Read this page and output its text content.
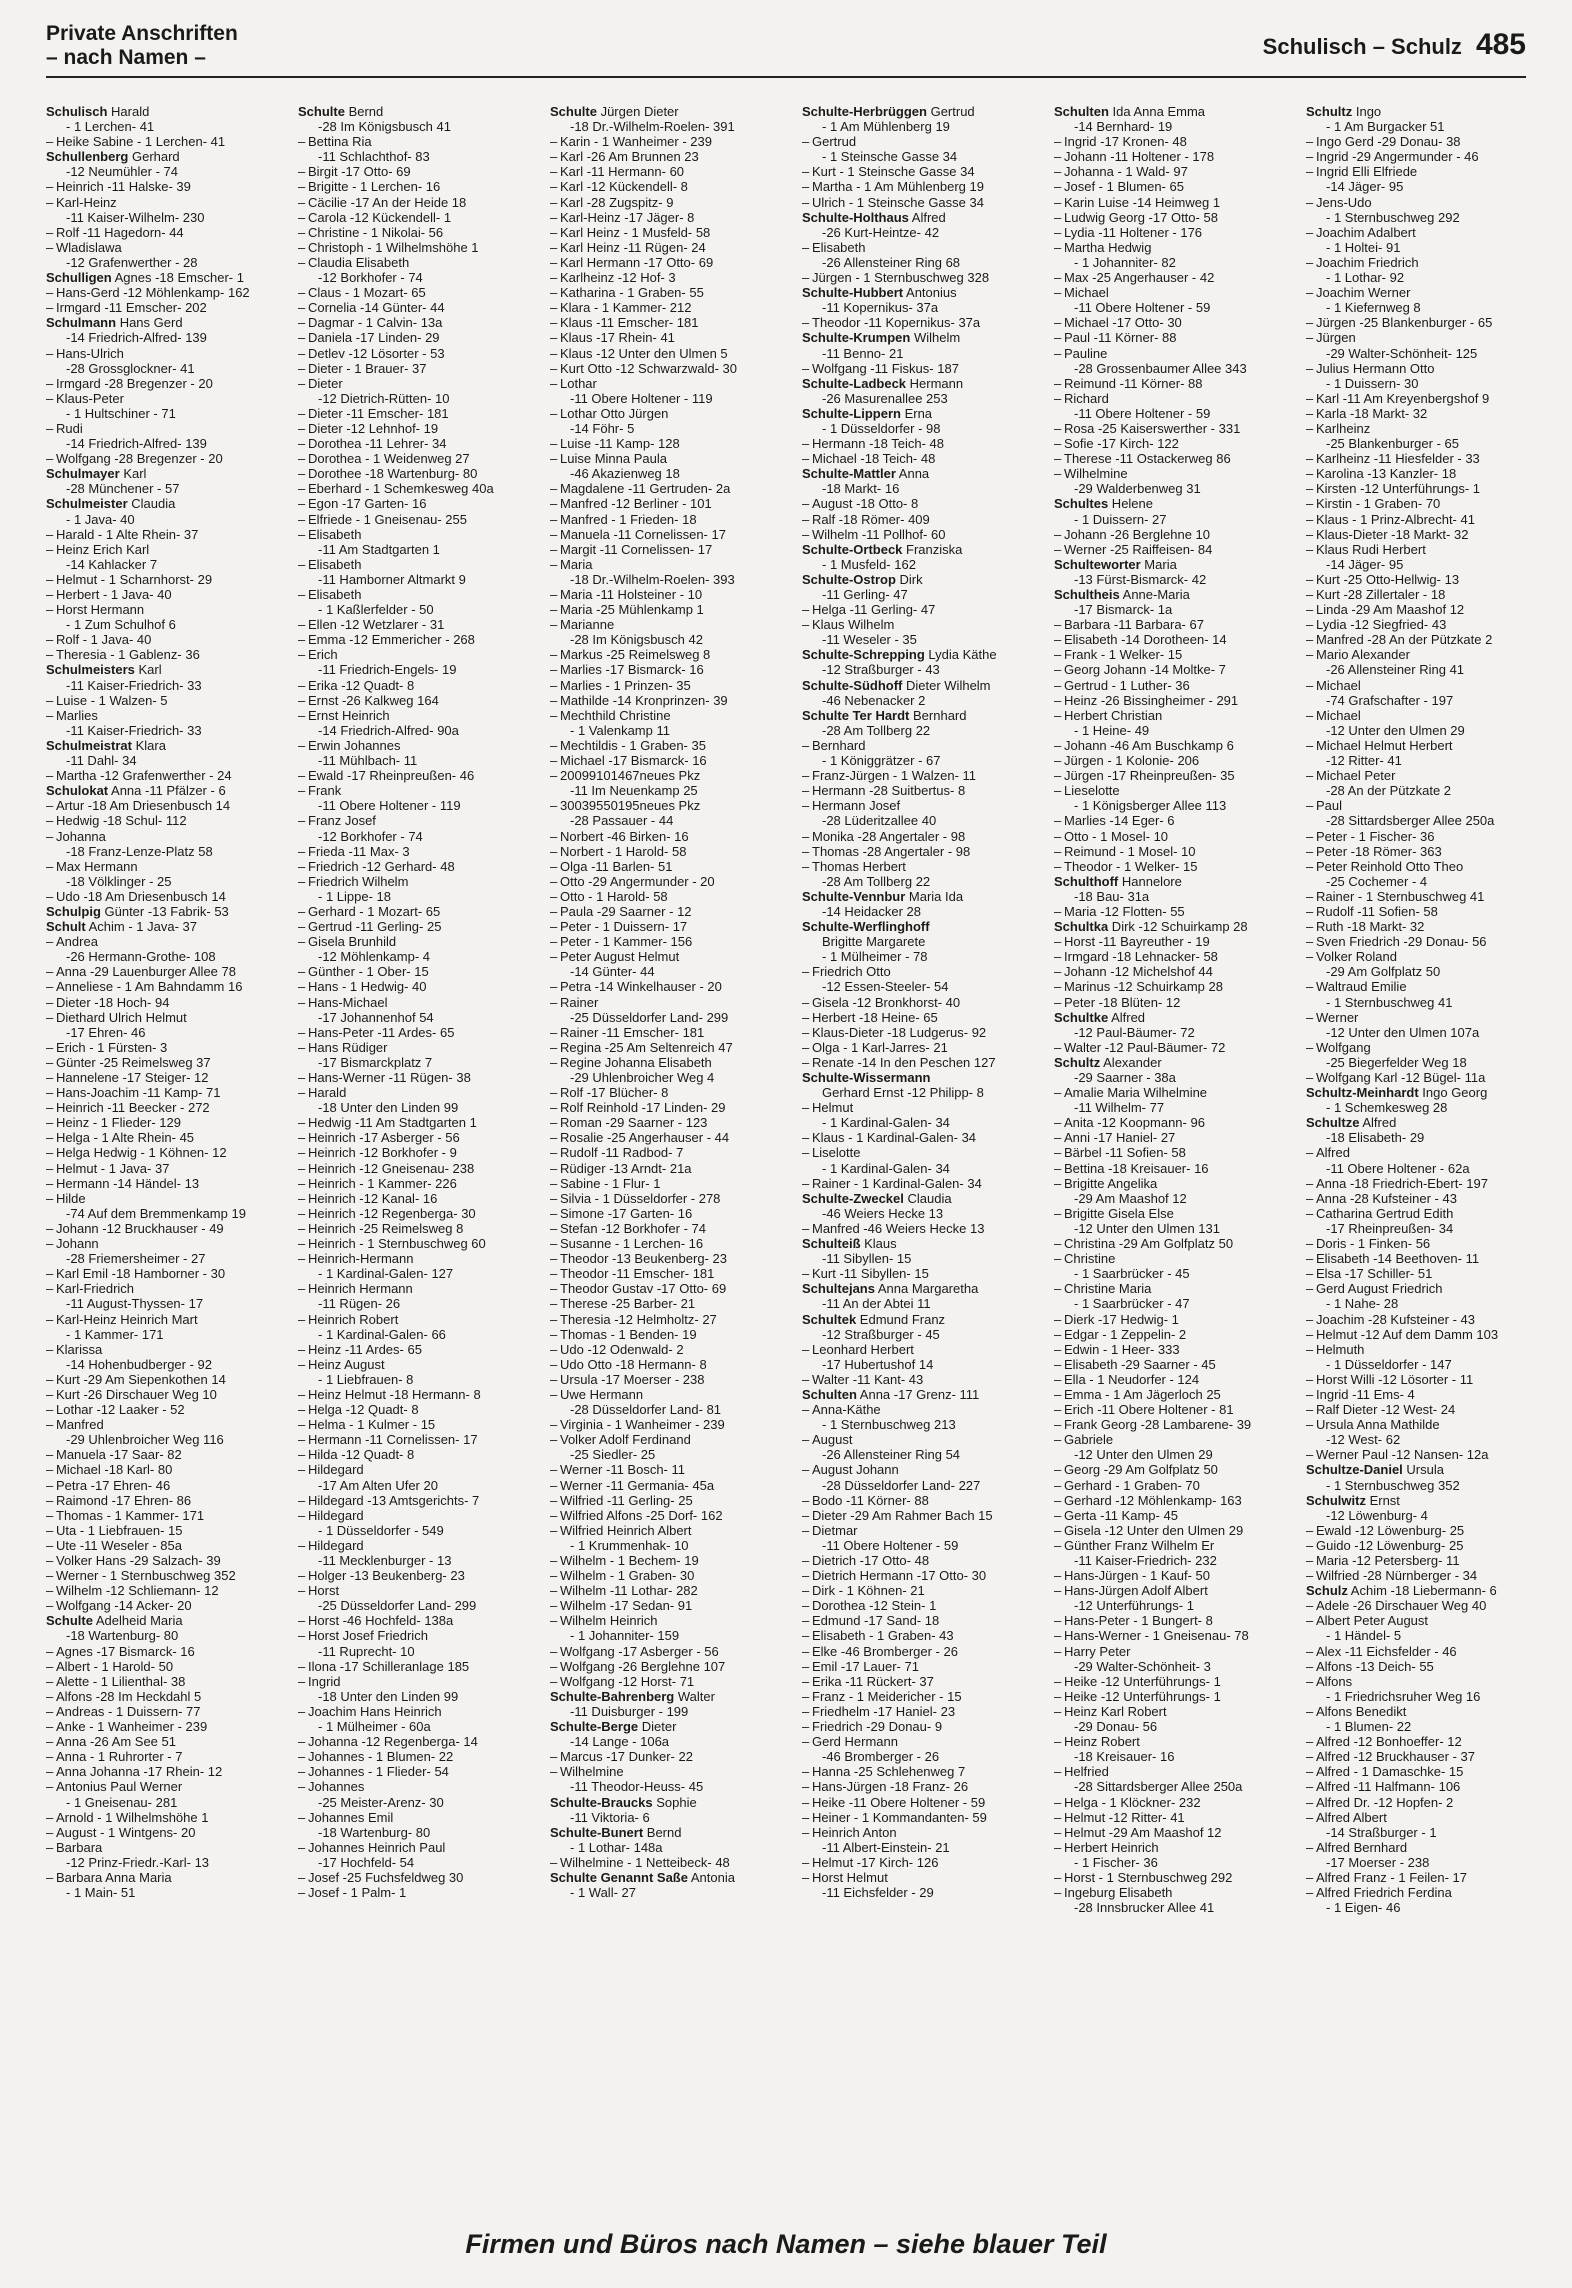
Private Anschriften
– nach Namen –	Schulisch – Schulz 485
Schulisch Harald
- 1 Lerchen- 41
– Heike Sabine - 1 Lerchen- 41
Schullenberg Gerhard
-12 Neumühler - 74
– Heinrich -11 Halske- 39
– Karl-Heinz
-11 Kaiser-Wilhelm- 230
– Rolf -11 Hagedorn- 44
– Wladislawa
-12 Grafenwerther - 28
Schulligen Agnes -18 Emscher- 1
– Hans-Gerd -12 Möhlenkamp- 162
– Irmgard -11 Emscher- 202
Schulmann Hans Gerd
-14 Friedrich-Alfred- 139
– Hans-Ulrich
-28 Grossglockner- 41
– Irmgard -28 Bregenzer - 20
– Klaus-Peter
- 1 Hultschiner - 71
– Rudi
-14 Friedrich-Alfred- 139
– Wolfgang -28 Bregenzer - 20
Schulmayer Karl
-28 Münchener - 57
Schulmeister Claudia
- 1 Java- 40
– Harald - 1 Alte Rhein- 37
– Heinz Erich Karl
-14 Kahlacker 7
– Helmut - 1 Scharnhorst- 29
– Herbert - 1 Java- 40
– Horst Hermann
- 1 Zum Schulhof 6
– Rolf - 1 Java- 40
– Theresia - 1 Gablenz- 36
Schulmeisters Karl
-11 Kaiser-Friedrich- 33
– Luise - 1 Walzen- 5
– Marlies
-11 Kaiser-Friedrich- 33
Schulmeistrat Klara
-11 Dahl- 34
– Martha -12 Grafenwerther - 24
Schulokat Anna -11 Pfälzer - 6
– Artur -18 Am Driesenbusch 14
– Hedwig -18 Schul- 112
– Johanna
-18 Franz-Lenze-Platz 58
– Max Hermann
-18 Völklinger - 25
– Udo -18 Am Driesenbusch 14
Schulpig Günter -13 Fabrik- 53
Schult Achim - 1 Java- 37
– Andrea
-26 Hermann-Grothe- 108
– Anna -29 Lauenburger Allee 78
– Anneliese - 1 Am Bahndamm 16
– Dieter -18 Hoch- 94
– Diethard Ulrich Helmut
-17 Ehren- 46
– Erich - 1 Fürsten- 3
– Günter -25 Reimelsweg 37
– Hannelene -17 Steiger- 12
– Hans-Joachim -11 Kamp- 71
– Heinrich -11 Beecker - 272
– Heinz - 1 Flieder- 129
– Helga - 1 Alte Rhein- 45
– Helga Hedwig - 1 Köhnen- 12
– Helmut - 1 Java- 37
– Hermann -14 Händel- 13
– Hilde
-74 Auf dem Bremmenkamp 19
– Johann -12 Bruckhauser - 49
– Johann
-28 Friemersheimer - 27
– Karl Emil -18 Hamborner - 30
– Karl-Friedrich
-11 August-Thyssen- 17
– Karl-Heinz Heinrich Mart
- 1 Kammer- 171
– Klarissa
-14 Hohenbudberger - 92
– Kurt -29 Am Siepenkothen 14
– Kurt -26 Dirschauer Weg 10
– Lothar -12 Laaker - 52
– Manfred
-29 Uhlenbroicher Weg 116
– Manuela -17 Saar- 82
– Michael -18 Karl- 80
– Petra -17 Ehren- 46
– Raimond -17 Ehren- 86
– Thomas - 1 Kammer- 171
– Uta - 1 Liebfrauen- 15
– Ute -11 Weseler - 85a
– Volker Hans -29 Salzach- 39
– Werner - 1 Sternbuschweg 352
– Wilhelm -12 Schliemann- 12
– Wolfgang -14 Acker- 20
Schulte Adelheid Maria
-18 Wartenburg- 80
– Agnes -17 Bismarck- 16
– Albert - 1 Harold- 50
– Alette - 1 Lilienthal- 38
– Alfons -28 Im Heckdahl 5
– Andreas - 1 Duissern- 77
– Anke - 1 Wanheimer - 239
– Anna -26 Am See 51
– Anna - 1 Ruhrorter - 7
– Anna Johanna -17 Rhein- 12
– Antonius Paul Werner
- 1 Gneisenau- 281
– Arnold - 1 Wilhelmshöhe 1
– August - 1 Wintgens- 20
– Barbara
-12 Prinz-Friedr.-Karl- 13
– Barbara Anna Maria
- 1 Main- 51
Schulte Bernd
-28 Im Königsbusch 41
– Bettina Ria
-11 Schlachthof- 83
– Birgit -17 Otto- 69
– Brigitte - 1 Lerchen- 16
– Cäcilie -17 An der Heide 18
– Carola -12 Kückendell- 1
– Christine - 1 Nikolai- 56
– Christoph - 1 Wilhelmshöhe 1
– Claudia Elisabeth
-12 Borkhofer - 74
– Claus - 1 Mozart- 65
– Cornelia -14 Günter- 44
– Dagmar - 1 Calvin- 13a
– Daniela -17 Linden- 29
– Detlev -12 Lösorter - 53
– Dieter - 1 Brauer- 37
– Dieter
-12 Dietrich-Rütten- 10
– Dieter -11 Emscher- 181
– Dieter -12 Lehnhof- 19
– Dorothea -11 Lehrer- 34
– Dorothea - 1 Weidenweg 27
– Dorothee -18 Wartenburg- 80
– Eberhard - 1 Schemkesweg 40a
– Egon -17 Garten- 16
– Elfriede - 1 Gneisenau- 255
– Elisabeth
-11 Am Stadtgarten 1
– Elisabeth
-11 Hamborner Altmarkt 9
– Elisabeth
- 1 Kaßlerfelder - 50
– Ellen -12 Wetzlarer - 31
– Emma -12 Emmericher - 268
– Erich
-11 Friedrich-Engels- 19
– Erika -12 Quadt- 8
– Ernst -26 Kalkweg 164
– Ernst Heinrich
-14 Friedrich-Alfred- 90a
– Erwin Johannes
-11 Mühlbach- 11
– Ewald -17 Rheinpreußen- 46
– Frank
-11 Obere Holtener - 119
– Franz Josef
-12 Borkhofer - 74
– Frieda -11 Max- 3
– Friedrich -12 Gerhard- 48
– Friedrich Wilhelm
- 1 Lippe- 18
– Gerhard - 1 Mozart- 65
– Gertrud -11 Gerling- 25
– Gisela Brunhild
-12 Möhlenkamp- 4
– Günther - 1 Ober- 15
– Hans - 1 Hedwig- 40
– Hans-Michael
-17 Johannenhof 54
– Hans-Peter -11 Ardes- 65
– Hans Rüdiger
-17 Bismarckplatz 7
– Hans-Werner -11 Rügen- 38
– Harald
-18 Unter den Linden 99
– Hedwig -11 Am Stadtgarten 1
– Heinrich -17 Asberger - 56
– Heinrich -12 Borkhofer - 9
– Heinrich -12 Gneisenau- 238
– Heinrich - 1 Kammer- 226
– Heinrich -12 Kanal- 16
– Heinrich -12 Regenberga- 30
– Heinrich -25 Reimelsweg 8
– Heinrich - 1 Sternbuschweg 60
– Heinrich-Hermann
- 1 Kardinal-Galen- 127
– Heinrich Hermann
-11 Rügen- 26
– Heinrich Robert
- 1 Kardinal-Galen- 66
– Heinz -11 Ardes- 65
– Heinz August
- 1 Liebfrauen- 8
– Heinz Helmut -18 Hermann- 8
– Helga -12 Quadt- 8
– Helma - 1 Kulmer - 15
– Hermann -11 Cornelissen- 17
– Hilda -12 Quadt- 8
– Hildegard
-17 Am Alten Ufer 20
– Hildegard -13 Amtsgerichts- 7
– Hildegard
- 1 Düsseldorfer - 549
– Hildegard
-11 Mecklenburger - 13
– Holger -13 Beukenberg- 23
– Horst
-25 Düsseldorfer Land- 299
– Horst -46 Hochfeld- 138a
– Horst Josef Friedrich
-11 Ruprecht- 10
– Ilona -17 Schilleranlage 185
– Ingrid
-18 Unter den Linden 99
– Joachim Hans Heinrich
- 1 Mülheimer - 60a
– Johanna -12 Regenberga- 14
– Johannes - 1 Blumen- 22
– Johannes - 1 Flieder- 54
– Johannes
-25 Meister-Arenz- 30
– Johannes Emil
-18 Wartenburg- 80
– Johannes Heinrich Paul
-17 Hochfeld- 54
– Josef -25 Fuchsfeldweg 30
– Josef - 1 Palm- 1
Schulte Jürgen Dieter
-18 Dr.-Wilhelm-Roelen- 391
– Karin - 1 Wanheimer - 239
– Karl -26 Am Brunnen 23
– Karl -11 Hermann- 60
– Karl -12 Kückendell- 8
– Karl -28 Zugspitz- 9
– Karl-Heinz -17 Jäger- 8
– Karl Heinz - 1 Musfeld- 58
– Karl Heinz -11 Rügen- 24
– Karl Hermann -17 Otto- 69
– Karlheinz -12 Hof- 3
– Katharina - 1 Graben- 55
– Klara - 1 Kammer- 212
– Klaus -11 Emscher- 181
– Klaus -17 Rhein- 41
– Klaus -12 Unter den Ulmen 5
– Kurt Otto -12 Schwarzwald- 30
– Lothar
-11 Obere Holtener - 119
– Lothar Otto Jürgen
-14 Föhr- 5
– Luise -11 Kamp- 128
– Luise Minna Paula
-46 Akazienweg 18
– Magdalene -11 Gertruden- 2a
– Manfred -12 Berliner - 101
– Manfred - 1 Frieden- 18
– Manuela -11 Cornelissen- 17
– Margit -11 Cornelissen- 17
– Maria
-18 Dr.-Wilhelm-Roelen- 393
– Maria -11 Holsteiner - 10
– Maria -25 Mühlenkamp 1
– Marianne
-28 Im Königsbusch 42
– Markus -25 Reimelsweg 8
– Marlies -17 Bismarck- 16
– Marlies - 1 Prinzen- 35
– Mathilde -14 Kronprinzen- 39
– Mechthild Christine
- 1 Valenkamp 11
– Mechtildis - 1 Graben- 35
– Michael -17 Bismarck- 16
– 20099101467neues Pkz
-11 Im Neuenkamp 25
– 30039550195neues Pkz
-28 Passauer - 44
– Norbert -46 Birken- 16
– Norbert - 1 Harold- 58
– Olga -11 Barlen- 51
– Otto -29 Angermunder - 20
– Otto - 1 Harold- 58
– Paula -29 Saarner - 12
– Peter - 1 Duissern- 17
– Peter - 1 Kammer- 156
– Peter August Helmut
-14 Günter- 44
– Petra -14 Winkelhauser - 20
– Rainer
-25 Düsseldorfer Land- 299
– Rainer -11 Emscher- 181
– Regina -25 Am Seltenreich 47
– Regine Johanna Elisabeth
-29 Uhlenbroicher Weg 4
– Rolf -17 Blücher- 8
– Rolf Reinhold -17 Linden- 29
– Roman -29 Saarner - 123
– Rosalie -25 Angerhauser - 44
– Rudolf -11 Radbod- 7
– Rüdiger -13 Arndt- 21a
– Sabine - 1 Flur- 1
– Silvia - 1 Düsseldorfer - 278
– Simone -17 Garten- 16
– Stefan -12 Borkhofer - 74
– Susanne - 1 Lerchen- 16
– Theodor -13 Beukenberg- 23
– Theodor -11 Emscher- 181
– Theodor Gustav -17 Otto- 69
– Therese -25 Barber- 21
– Theresia -12 Helmholtz- 27
– Thomas - 1 Benden- 19
– Udo -12 Odenwald- 2
– Udo Otto -18 Hermann- 8
– Ursula -17 Moerser - 238
– Uwe Hermann
-28 Düsseldorfer Land- 81
– Virginia - 1 Wanheimer - 239
– Volker Adolf Ferdinand
-25 Siedler- 25
– Werner -11 Bosch- 11
– Werner -11 Germania- 45a
– Wilfried -11 Gerling- 25
– Wilfried Alfons -25 Dorf- 162
– Wilfried Heinrich Albert
- 1 Krummenhak- 10
– Wilhelm - 1 Bechem- 19
– Wilhelm - 1 Graben- 30
– Wilhelm -11 Lothar- 282
– Wilhelm -17 Sedan- 91
– Wilhelm Heinrich
- 1 Johanniter- 159
– Wolfgang -17 Asberger - 56
– Wolfgang -26 Berglehne 107
– Wolfgang -12 Horst- 71
Schulte-Bahrenberg Walter
-11 Duisburger - 199
Schulte-Berge Dieter
-14 Lange - 106a
– Marcus -17 Dunker- 22
– Wilhelmine
-11 Theodor-Heuss- 45
Schulte-Braucks Sophie
-11 Viktoria- 6
Schulte-Bunert Bernd
- 1 Lothar- 148a
– Wilhelmine - 1 Netteibeck- 48
Schulte Genannt Saße Antonia
- 1 Wall- 27
Schulte-Herbrüggen Gertrud
- 1 Am Mühlenberg 19
– Gertrud
- 1 Steinsche Gasse 34
– Kurt - 1 Steinsche Gasse 34
– Martha - 1 Am Mühlenberg 19
– Ulrich - 1 Steinsche Gasse 34
Schulte-Holthaus Alfred
-26 Kurt-Heintze- 42
– Elisabeth
-26 Allensteiner Ring 68
– Jürgen - 1 Sternbuschweg 328
Schulte-Hubbert Antonius
-11 Kopernikus- 37a
– Theodor -11 Kopernikus- 37a
Schulte-Krumpen Wilhelm
-11 Benno- 21
– Wolfgang -11 Fiskus- 187
Schulte-Ladbeck Hermann
-26 Masurenallee 253
Schulte-Lippern Erna
- 1 Düsseldorfer - 98
– Hermann -18 Teich- 48
– Michael -18 Teich- 48
Schulte-Mattler Anna
-18 Markt- 16
– August -18 Otto- 8
– Ralf -18 Römer- 409
– Wilhelm -11 Pollhof- 60
Schulte-Ortbeck Franziska
- 1 Musfeld- 162
Schulte-Ostrop Dirk
-11 Gerling- 47
– Helga -11 Gerling- 47
– Klaus Wilhelm
-11 Weseler - 35
Schulte-Schrepping Lydia Käthe
-12 Straßburger - 43
Schulte-Südhoff Dieter Wilhelm
-46 Nebenacker 2
Schulte Ter Hardt Bernhard
-28 Am Tollberg 22
– Bernhard
- 1 Königgrätzer - 67
– Franz-Jürgen - 1 Walzen- 11
– Hermann -28 Suitbertus- 8
– Hermann Josef
-28 Lüderitzallee 40
– Monika -28 Angertaler - 98
– Thomas -28 Angertaler - 98
– Thomas Herbert
-28 Am Tollberg 22
Schulte-Vennbur Maria Ida
-14 Heidacker 28
Schulte-Werflinghoff
Brigitte Margarete
- 1 Mülheimer - 78
– Friedrich Otto
-12 Essen-Steeler- 54
– Gisela -12 Bronkhorst- 40
– Herbert -18 Heine- 65
– Klaus-Dieter -18 Ludgerus- 92
– Olga - 1 Karl-Jarres- 21
– Renate -14 In den Peschen 127
Schulte-Wissermann
Gerhard Ernst -12 Philipp- 8
– Helmut
- 1 Kardinal-Galen- 34
– Klaus - 1 Kardinal-Galen- 34
– Liselotte
- 1 Kardinal-Galen- 34
– Rainer - 1 Kardinal-Galen- 34
Schulte-Zweckel Claudia
-46 Weiers Hecke 13
– Manfred -46 Weiers Hecke 13
Schulteiß Klaus
-11 Sibyllen- 15
– Kurt -11 Sibyllen- 15
Schultejans Anna Margaretha
-11 An der Abtei 11
Schultek Edmund Franz
-12 Straßburger - 45
– Leonhard Herbert
-17 Hubertushof 14
– Walter -11 Kant- 43
Schulten Anna -17 Grenz- 111
– Anna-Käthe
- 1 Sternbuschweg 213
– August
-26 Allensteiner Ring 54
– August Johann
-28 Düsseldorfer Land- 227
– Bodo -11 Körner- 88
– Dieter -29 Am Rahmer Bach 15
– Dietmar
-11 Obere Holtener - 59
– Dietrich -17 Otto- 48
– Dietrich Hermann -17 Otto- 30
– Dirk - 1 Köhnen- 21
– Dorothea -12 Stein- 1
– Edmund -17 Sand- 18
– Elisabeth - 1 Graben- 43
– Elke -46 Bromberger - 26
– Emil -17 Lauer- 71
– Erika -11 Rückert- 37
– Franz - 1 Meidericher - 15
– Friedhelm -17 Haniel- 23
– Friedrich -29 Donau- 9
– Gerd Hermann
-46 Bromberger - 26
– Hanna -25 Schlehenweg 7
– Hans-Jürgen -18 Franz- 26
– Heike -11 Obere Holtener - 59
– Heiner - 1 Kommandanten- 59
– Heinrich Anton
-11 Albert-Einstein- 21
– Helmut -17 Kirch- 126
– Horst Helmut
-11 Eichsfelder - 29
Schulten Ida Anna Emma
-14 Bernhard- 19
– Ingrid -17 Kronen- 48
– Johann -11 Holtener - 178
– Johanna - 1 Wald- 97
– Josef - 1 Blumen- 65
– Karin Luise -14 Heimweg 1
– Ludwig Georg -17 Otto- 58
– Lydia -11 Holtener - 176
– Martha Hedwig
- 1 Johanniter- 82
– Max -25 Angerhauser - 42
– Michael
-11 Obere Holtener - 59
– Michael -17 Otto- 30
– Paul -11 Körner- 88
– Pauline
-28 Grossenbaumer Allee 343
– Reimund -11 Körner- 88
– Richard
-11 Obere Holtener - 59
– Rosa -25 Kaiserswerther - 331
– Sofie -17 Kirch- 122
– Therese -11 Ostackerweg 86
– Wilhelmine
-29 Walderbenweg 31
Schultes Helene
- 1 Duissern- 27
– Johann -26 Berglehne 10
– Werner -25 Raiffeisen- 84
Schulteworter Maria
-13 Fürst-Bismarck- 42
Schultheis Anne-Maria
-17 Bismarck- 1a
– Barbara -11 Barbara- 67
– Elisabeth -14 Dorotheen- 14
– Frank - 1 Welker- 15
– Georg Johann -14 Moltke- 7
– Gertrud - 1 Luther- 36
– Heinz -26 Bissingheimer - 291
– Herbert Christian
- 1 Heine- 49
– Johann -46 Am Buschkamp 6
– Jürgen - 1 Kolonie- 206
– Jürgen -17 Rheinpreußen- 35
– Lieselotte
- 1 Königsberger Allee 113
– Marlies -14 Eger- 6
– Otto - 1 Mosel- 10
– Reimund - 1 Mosel- 10
– Theodor - 1 Welker- 15
Schulthoff Hannelore
-18 Bau- 31a
– Maria -12 Flotten- 55
Schultka Dirk -12 Schuirkamp 28
– Horst -11 Bayreuther - 19
– Irmgard -18 Lehnacker- 58
– Johann -12 Michelshof 44
– Marinus -12 Schuirkamp 28
– Peter -18 Blüten- 12
Schultke Alfred
-12 Paul-Bäumer- 72
– Walter -12 Paul-Bäumer- 72
Schultz Alexander
-29 Saarner - 38a
– Amalie Maria Wilhelmine
-11 Wilhelm- 77
– Anita -12 Koopmann- 96
– Anni -17 Haniel- 27
– Bärbel -11 Sofien- 58
– Bettina -18 Kreisauer- 16
– Brigitte Angelika
-29 Am Maashof 12
– Brigitte Gisela Else
-12 Unter den Ulmen 131
– Christina -29 Am Golfplatz 50
– Christine
- 1 Saarbrücker - 45
– Christine Maria
- 1 Saarbrücker - 47
– Dierk -17 Hedwig- 1
– Edgar - 1 Zeppelin- 2
– Edwin - 1 Heer- 333
– Elisabeth -29 Saarner - 45
– Ella - 1 Neudorfer - 124
– Emma - 1 Am Jägerloch 25
– Erich -11 Obere Holtener - 81
– Frank Georg -28 Lambarene- 39
– Gabriele
-12 Unter den Ulmen 29
– Georg -29 Am Golfplatz 50
– Gerhard - 1 Graben- 70
– Gerhard -12 Möhlenkamp- 163
– Gerta -11 Kamp- 45
– Gisela -12 Unter den Ulmen 29
– Günther Franz Wilhelm Er
-11 Kaiser-Friedrich- 232
– Hans-Jürgen - 1 Kauf- 50
– Hans-Jürgen Adolf Albert
-12 Unterführungs- 1
– Hans-Peter - 1 Bungert- 8
– Hans-Werner - 1 Gneisenau- 78
– Harry Peter
-29 Walter-Schönheit- 3
– Heike -12 Unterführungs- 1
– Heike -12 Unterführungs- 1
– Heinz Karl Robert
-29 Donau- 56
– Heinz Robert
-18 Kreisauer- 16
– Helfried
-28 Sittardsberger Allee 250a
– Helga - 1 Klöckner- 232
– Helmut -12 Ritter- 41
– Helmut -29 Am Maashof 12
– Herbert Heinrich
- 1 Fischer- 36
– Horst - 1 Sternbuschweg 292
– Ingeburg Elisabeth
-28 Innsbrucker Allee 41
Schultz Ingo
- 1 Am Burgacker 51
– Ingo Gerd -29 Donau- 38
– Ingrid -29 Angermunder - 46
– Ingrid Elli Elfriede
-14 Jäger- 95
– Jens-Udo
- 1 Sternbuschweg 292
– Joachim Adalbert
- 1 Holtei- 91
– Joachim Friedrich
- 1 Lothar- 92
– Joachim Werner
- 1 Kiefernweg 8
– Jürgen -25 Blankenburger - 65
– Jürgen
-29 Walter-Schönheit- 125
– Julius Hermann Otto
- 1 Duissern- 30
– Karl -11 Am Kreyenbergshof 9
– Karla -18 Markt- 32
– Karlheinz
-25 Blankenburger - 65
– Karlheinz -11 Hiesfelder - 33
– Karolina -13 Kanzler- 18
– Kirsten -12 Unterführungs- 1
– Kirstin - 1 Graben- 70
– Klaus - 1 Prinz-Albrecht- 41
– Klaus-Dieter -18 Markt- 32
– Klaus Rudi Herbert
-14 Jäger- 95
– Kurt -25 Otto-Hellwig- 13
– Kurt -28 Zillertaler - 18
– Linda -29 Am Maashof 12
– Lydia -12 Siegfried- 43
– Manfred -28 An der Pützkate 2
– Mario Alexander
-26 Allensteiner Ring 41
– Michael
-74 Grafschafter - 197
– Michael
-12 Unter den Ulmen 29
– Michael Helmut Herbert
-12 Ritter- 41
– Michael Peter
-28 An der Pützkate 2
– Paul
-28 Sittardsberger Allee 250a
– Peter - 1 Fischer- 36
– Peter -18 Römer- 363
– Peter Reinhold Otto Theo
-25 Cochemer - 4
– Rainer - 1 Sternbuschweg 41
– Rudolf -11 Sofien- 58
– Ruth -18 Markt- 32
– Sven Friedrich -29 Donau- 56
– Volker Roland
-29 Am Golfplatz 50
– Waltraud Emilie
- 1 Sternbuschweg 41
– Werner
-12 Unter den Ulmen 107a
– Wolfgang
-25 Biegerfelder Weg 18
– Wolfgang Karl -12 Bügel- 11a
Schultz-Meinhardt Ingo Georg
- 1 Schemkesweg 28
Schultze Alfred
-18 Elisabeth- 29
– Alfred
-11 Obere Holtener - 62a
– Anna -18 Friedrich-Ebert- 197
– Anna -28 Kufsteiner - 43
– Catharina Gertrud Edith
-17 Rheinpreußen- 34
– Doris - 1 Finken- 56
– Elisabeth -14 Beethoven- 11
– Elsa -17 Schiller- 51
– Gerd August Friedrich
- 1 Nahe- 28
– Joachim -28 Kufsteiner - 43
– Helmut -12 Auf dem Damm 103
– Helmuth
- 1 Düsseldorfer - 147
– Horst Willi -12 Lösorter - 11
– Ingrid -11 Ems- 4
– Ralf Dieter -12 West- 24
– Ursula Anna Mathilde
-12 West- 62
– Werner Paul -12 Nansen- 12a
Schultze-Daniel Ursula
- 1 Sternbuschweg 352
Schulwitz Ernst
-12 Löwenburg- 4
– Ewald -12 Löwenburg- 25
– Guido -12 Löwenburg- 25
– Maria -12 Petersberg- 11
– Wilfried -28 Nürnberger - 34
Schulz Achim -18 Liebermann- 6
– Adele -26 Dirschauer Weg 40
– Albert Peter August
- 1 Händel- 5
– Alex -11 Eichsfelder - 46
– Alfons -13 Deich- 55
– Alfons
- 1 Friedrichsruher Weg 16
– Alfons Benedikt
- 1 Blumen- 22
– Alfred -12 Bonhoeffer- 12
– Alfred -12 Bruckhauser - 37
– Alfred - 1 Damaschke- 15
– Alfred -11 Halfmann- 106
– Alfred Dr. -12 Hopfen- 2
– Alfred Albert
-14 Straßburger - 1
– Alfred Bernhard
-17 Moerser - 238
– Alfred Franz - 1 Feilen- 17
– Alfred Friedrich Ferdina
- 1 Eigen- 46
Firmen und Büros nach Namen – siehe blauer Teil
